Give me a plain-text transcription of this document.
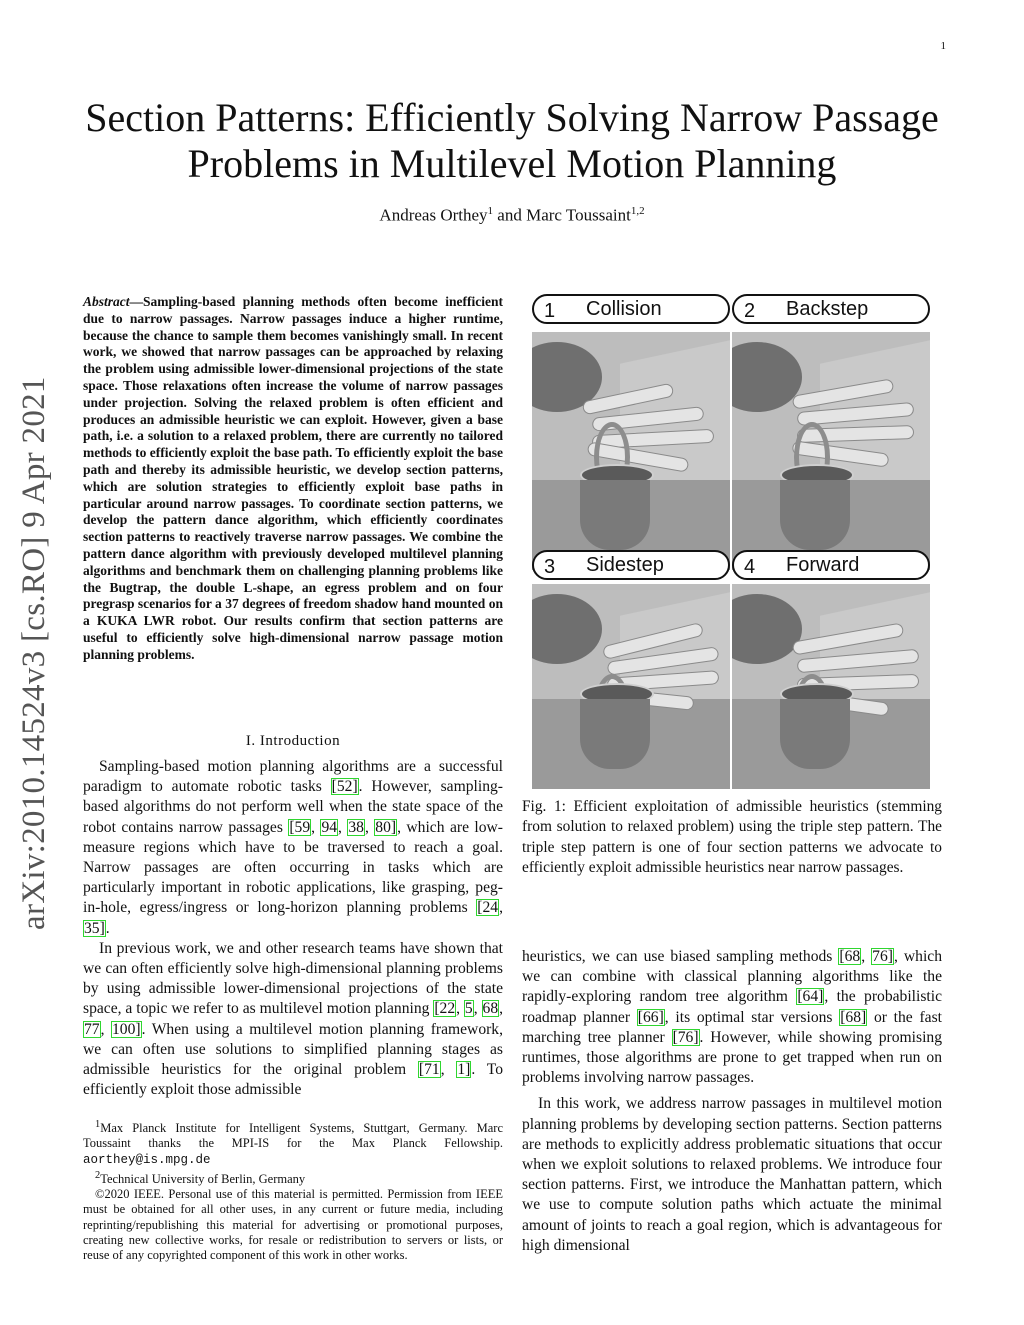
1
arXiv:2010.14524v3 [cs.RO] 9 Apr 2021
Section Patterns: Efficiently Solving Narrow Passage Problems in Multilevel Motion Planning
Andreas Orthey$^1$ and Marc Toussaint$^{1,2}$
Abstract—Sampling-based planning methods often become inefficient due to narrow passages. Narrow passages induce a higher runtime, because the chance to sample them becomes vanishingly small. In recent work, we showed that narrow passages can be approached by relaxing the problem using admissible lower-dimensional projections of the state space. Those relaxations often increase the volume of narrow passages under projection. Solving the relaxed problem is often efficient and produces an admissible heuristic we can exploit. However, given a base path, i.e. a solution to a relaxed problem, there are currently no tailored methods to efficiently exploit the base path. To efficiently exploit the base path and thereby its admissible heuristic, we develop section patterns, which are solution strategies to efficiently exploit base paths in particular around narrow passages. To coordinate section patterns, we develop the pattern dance algorithm, which efficiently coordinates section patterns to reactively traverse narrow passages. We combine the pattern dance algorithm with previously developed multilevel planning algorithms and benchmark them on challenging planning problems like the Bugtrap, the double L-shape, an egress problem and on four pregrasp scenarios for a 37 degrees of freedom shadow hand mounted on a KUKA LWR robot. Our results confirm that section patterns are useful to efficiently solve high-dimensional narrow passage motion planning problems.
I. Introduction

Sampling-based motion planning algorithms are a successful paradigm to automate robotic tasks [52]. However, sampling-based algorithms do not perform well when the state space of the robot contains narrow passages [59, 94, 38, 80], which are low-measure regions which have to be traversed to reach a goal. Narrow passages are often occurring in tasks which are particularly important in robotic applications, like grasping, peg-in-hole, egress/ingress or long-horizon planning problems [24, 35].

In previous work, we and other research teams have shown that we can often efficiently solve high-dimensional planning problems by using admissible lower-dimensional projections of the state space, a topic we refer to as multilevel motion planning [22, 5, 68, 77, 100]. When using a multilevel motion planning framework, we can often use solutions to simplified planning stages as admissible heuristics for the original problem [71, 1]. To efficiently exploit those admissible

$^1$Max Planck Institute for Intelligent Systems, Stuttgart, Germany. Marc Toussaint thanks the MPI-IS for the Max Planck Fellowship. aorthey@is.mpg.de

$^2$Technical University of Berlin, Germany

©2020 IEEE. Personal use of this material is permitted. Permission from IEEE must be obtained for all other uses, in any current or future media, including reprinting/republishing this material for advertising or promotional purposes, creating new collective works, for resale or redistribution to servers or lists, or reuse of any copyrighted component of this work in other works.

1 Collision	2 Backstep
3 Sidestep	4 Forward
Fig. 1: Efficient exploitation of admissible heuristics (stemming from solution to relaxed problem) using the triple step pattern. The triple step pattern is one of four section patterns we advocate to efficiently exploit admissible heuristics near narrow passages.

heuristics, we can use biased sampling methods [68, 76], which we can combine with classical planning algorithms like the rapidly-exploring random tree algorithm [64], the probabilistic roadmap planner [66], its optimal star versions [68] or the fast marching tree planner [76]. However, while showing promising runtimes, those algorithms are prone to get trapped when run on problems involving narrow passages.

In this work, we address narrow passages in multilevel motion planning problems by developing section patterns. Section patterns are methods to explicitly address problematic situations that occur when we exploit solutions to relaxed problems. We introduce four section patterns. First, we introduce the Manhattan pattern, which we use to compute solution paths which actuate the minimal amount of joints to reach a goal region, which is advantageous for high dimensional
